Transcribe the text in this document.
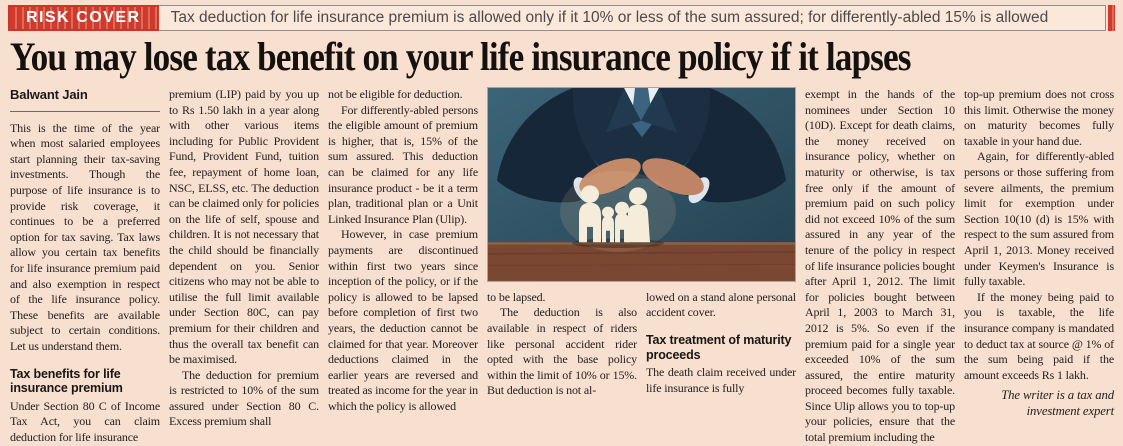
RISK COVER	Tax deduction for life insurance premium is allowed only if it 10% or less of the sum assured; for differently-abled 15% is allowed
You may lose tax benefit on your life insurance policy if it lapses
Balwant Jain

This is the time of the year when most salaried employees start planning their tax-saving investments. Though the purpose of life insurance is to provide risk coverage, it continues to be a preferred option for tax saving. Tax laws allow you certain tax benefits for life insurance premium paid and also exemption in respect of the life insurance policy. These benefits are available subject to certain conditions. Let us understand them.

Tax benefits for life insurance premium

Under Section 80 C of Income Tax Act, you can claim deduction for life insurance

premium (LIP) paid by you up to Rs 1.50 lakh in a year along with other various items including for Public Provident Fund, Provident Fund, tuition fee, repayment of home loan, NSC, ELSS, etc. The deduction can be claimed only for policies on the life of self, spouse and children. It is not necessary that the child should be financially dependent on you. Senior citizens who may not be able to utilise the full limit available under Section 80C, can pay premium for their children and thus the overall tax benefit can be maximised.

The deduction for premium is restricted to 10% of the sum assured under Section 80 C. Excess premium shall

not be eligible for deduction.

For differently-abled persons the eligible amount of premium is higher, that is, 15% of the sum assured. This deduction can be claimed for any life insurance product - be it a term plan, traditional plan or a Unit Linked Insurance Plan (Ulip).

However, in case premium payments are discontinued within first two years since inception of the policy, or if the policy is allowed to be lapsed before completion of first two years, the deduction cannot be claimed for that year. Moreover deductions claimed in the earlier years are reversed and treated as income for the year in which the policy is allowed

to be lapsed.

The deduction is also available in respect of riders like personal accident rider opted with the base policy within the limit of 10% or 15%. But deduction is not al-

lowed on a stand alone personal accident cover.

Tax treatment of maturity proceeds

The death claim received under life insurance is fully

exempt in the hands of the nominees under Section 10 (10D). Except for death claims, the money received on insurance policy, whether on maturity or otherwise, is tax free only if the amount of premium paid on such policy did not exceed 10% of the sum assured in any year of the tenure of the policy in respect of life insurance policies bought after April 1, 2012. The limit for policies bought between April 1, 2003 to March 31, 2012 is 5%. So even if the premium paid for a single year exceeded 10% of the sum assured, the entire maturity proceed becomes fully taxable. Since Ulip allows you to top-up your policies, ensure that the total premium including the

top-up premium does not cross this limit. Otherwise the money on maturity becomes fully taxable in your hand due.

Again, for differently-abled persons or those suffering from severe ailments, the premium limit for exemption under Section 10(10 (d) is 15% with respect to the sum assured from April 1, 2013. Money received under Keymen's Insurance is fully taxable.

If the money being paid to you is taxable, the life insurance company is mandated to deduct tax at source @ 1% of the sum being paid if the amount exceeds Rs 1 lakh.

The writer is a tax and investment expert
